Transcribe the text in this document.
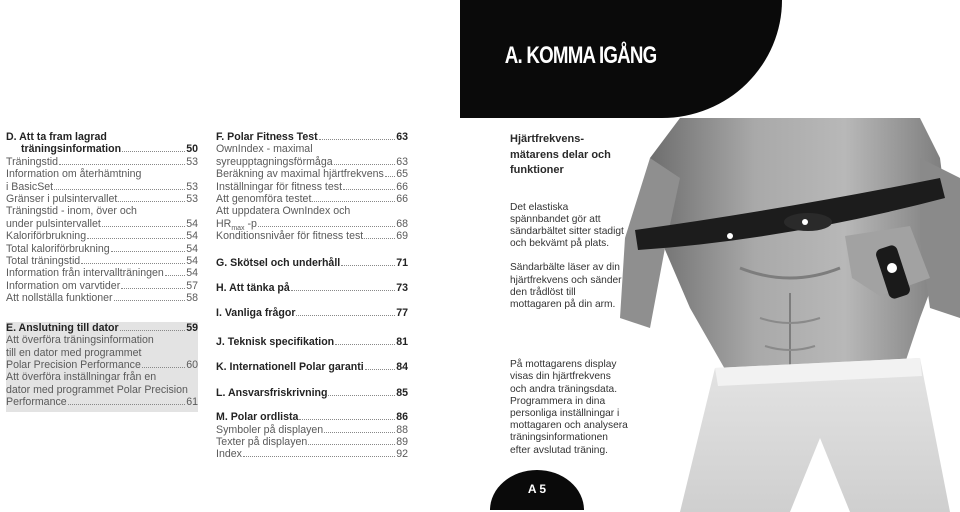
D. Att ta fram lagrad
träningsinformation	50
Träningstid	53
Information om återhämtning
i BasicSet	53
Gränser i pulsintervallet	53
Träningstid - inom, över och
under pulsintervallet	54
Kaloriförbrukning	54
Total kaloriförbrukning	54
Total träningstid	54
Information från intervallträningen 54
Information om varvtider	57
Att nollställa funktioner	58
E. Anslutning till dator	59
Att överföra träningsinformation
till en dator med programmet
Polar Precision Performance	60
Att överföra inställningar från en
dator med programmet Polar Precision
Performance	61
F. Polar Fitness Test	63
OwnIndex - maximal
syreupptagningsförmåga	63
Beräkning av maximal hjärtfrekvens 65
Inställningar för fitness test	66
Att genomföra testet	66
Att uppdatera OwnIndex och
$HR_{max}$ -p	68
Konditionsnivåer för fitness test	69
G. Skötsel och underhåll	71
H. Att tänka på	73
I. Vanliga frågor	77
J. Teknisk specifikation	81
K. Internationell Polar garanti	84
L. Ansvarsfriskrivning	85
M. Polar ordlista	86
Symboler på displayen	88
Texter på displayen	89
Index	92
A. KOMMA IGÅNG
Hjärtfrekvens- mätarens delar och funktioner
Det elastiska spännbandet gör att sändarbältet sitter stadigt och bekvämt på plats.
Sändarbälte läser av din hjärtfrekvens och sänder den trådlöst till mottagaren på din arm.
På mottagarens display visas din hjärtfrekvens och andra träningsdata. Programmera in dina personliga inställningar i mottagaren och analysera träningsinformationen efter avslutad träning.
A 5
